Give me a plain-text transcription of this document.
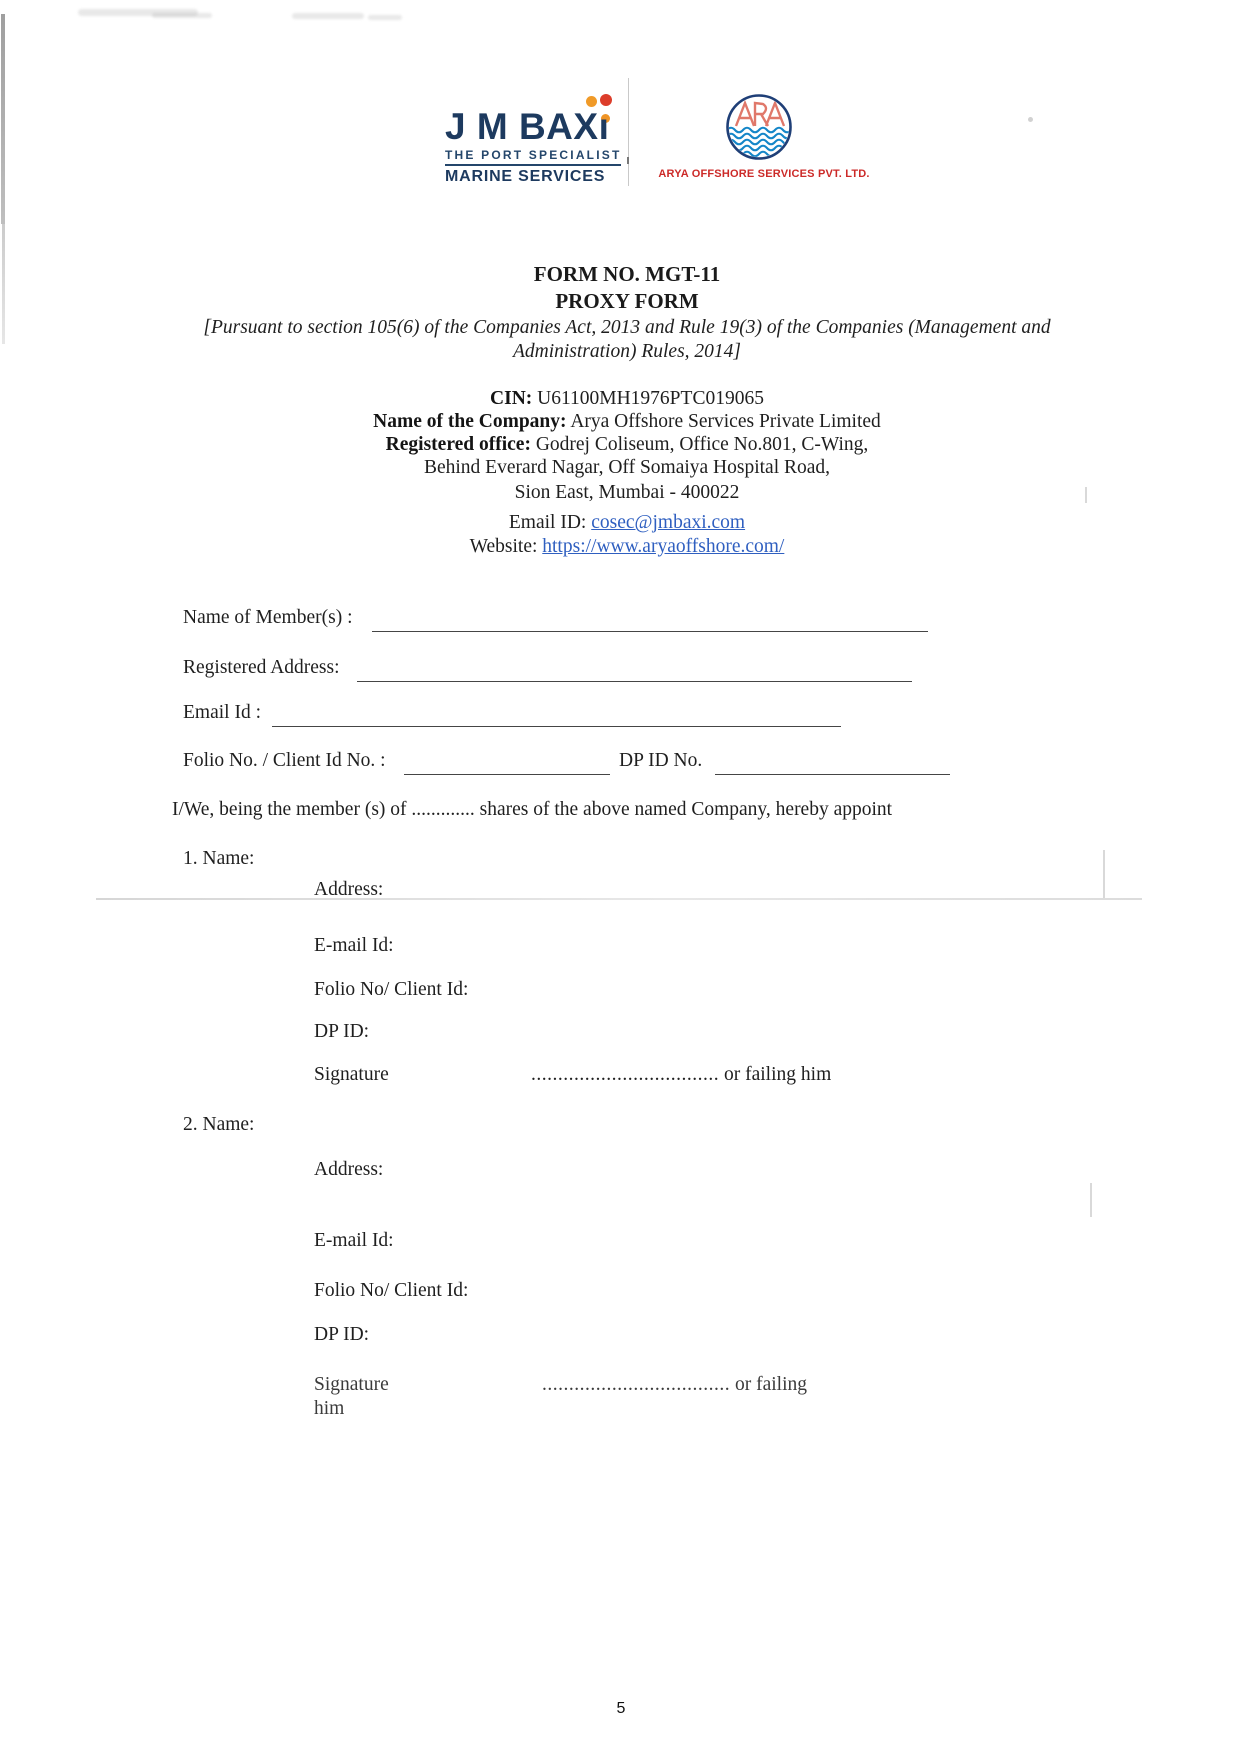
J M BAXı
THE PORT SPECIALIST
MARINE SERVICES	ARYA OFFSHORE SERVICES PVT. LTD.
FORM NO. MGT-11
PROXY FORM
[Pursuant to section 105(6) of the Companies Act, 2013 and Rule 19(3) of the Companies (Management and
Administration) Rules, 2014]
CIN: U61100MH1976PTC019065
Name of the Company: Arya Offshore Services Private Limited
Registered office: Godrej Coliseum, Office No.801, C-Wing,
Behind Everard Nagar, Off Somaiya Hospital Road,
Sion East, Mumbai - 400022
Email ID: cosec@jmbaxi.com
Website: https://www.aryaoffshore.com/
Name of Member(s) :
Registered Address:
Email Id :
Folio No. / Client Id No. :	DP ID No.
I/We, being the member (s) of ............. shares of the above named Company, hereby appoint
1. Name:
Address:
E-mail Id:
Folio No/ Client Id:
DP ID:
Signature	................................... or failing him
2. Name:
Address:
E-mail Id:
Folio No/ Client Id:
DP ID:
Signature	................................... or failing
him
5
